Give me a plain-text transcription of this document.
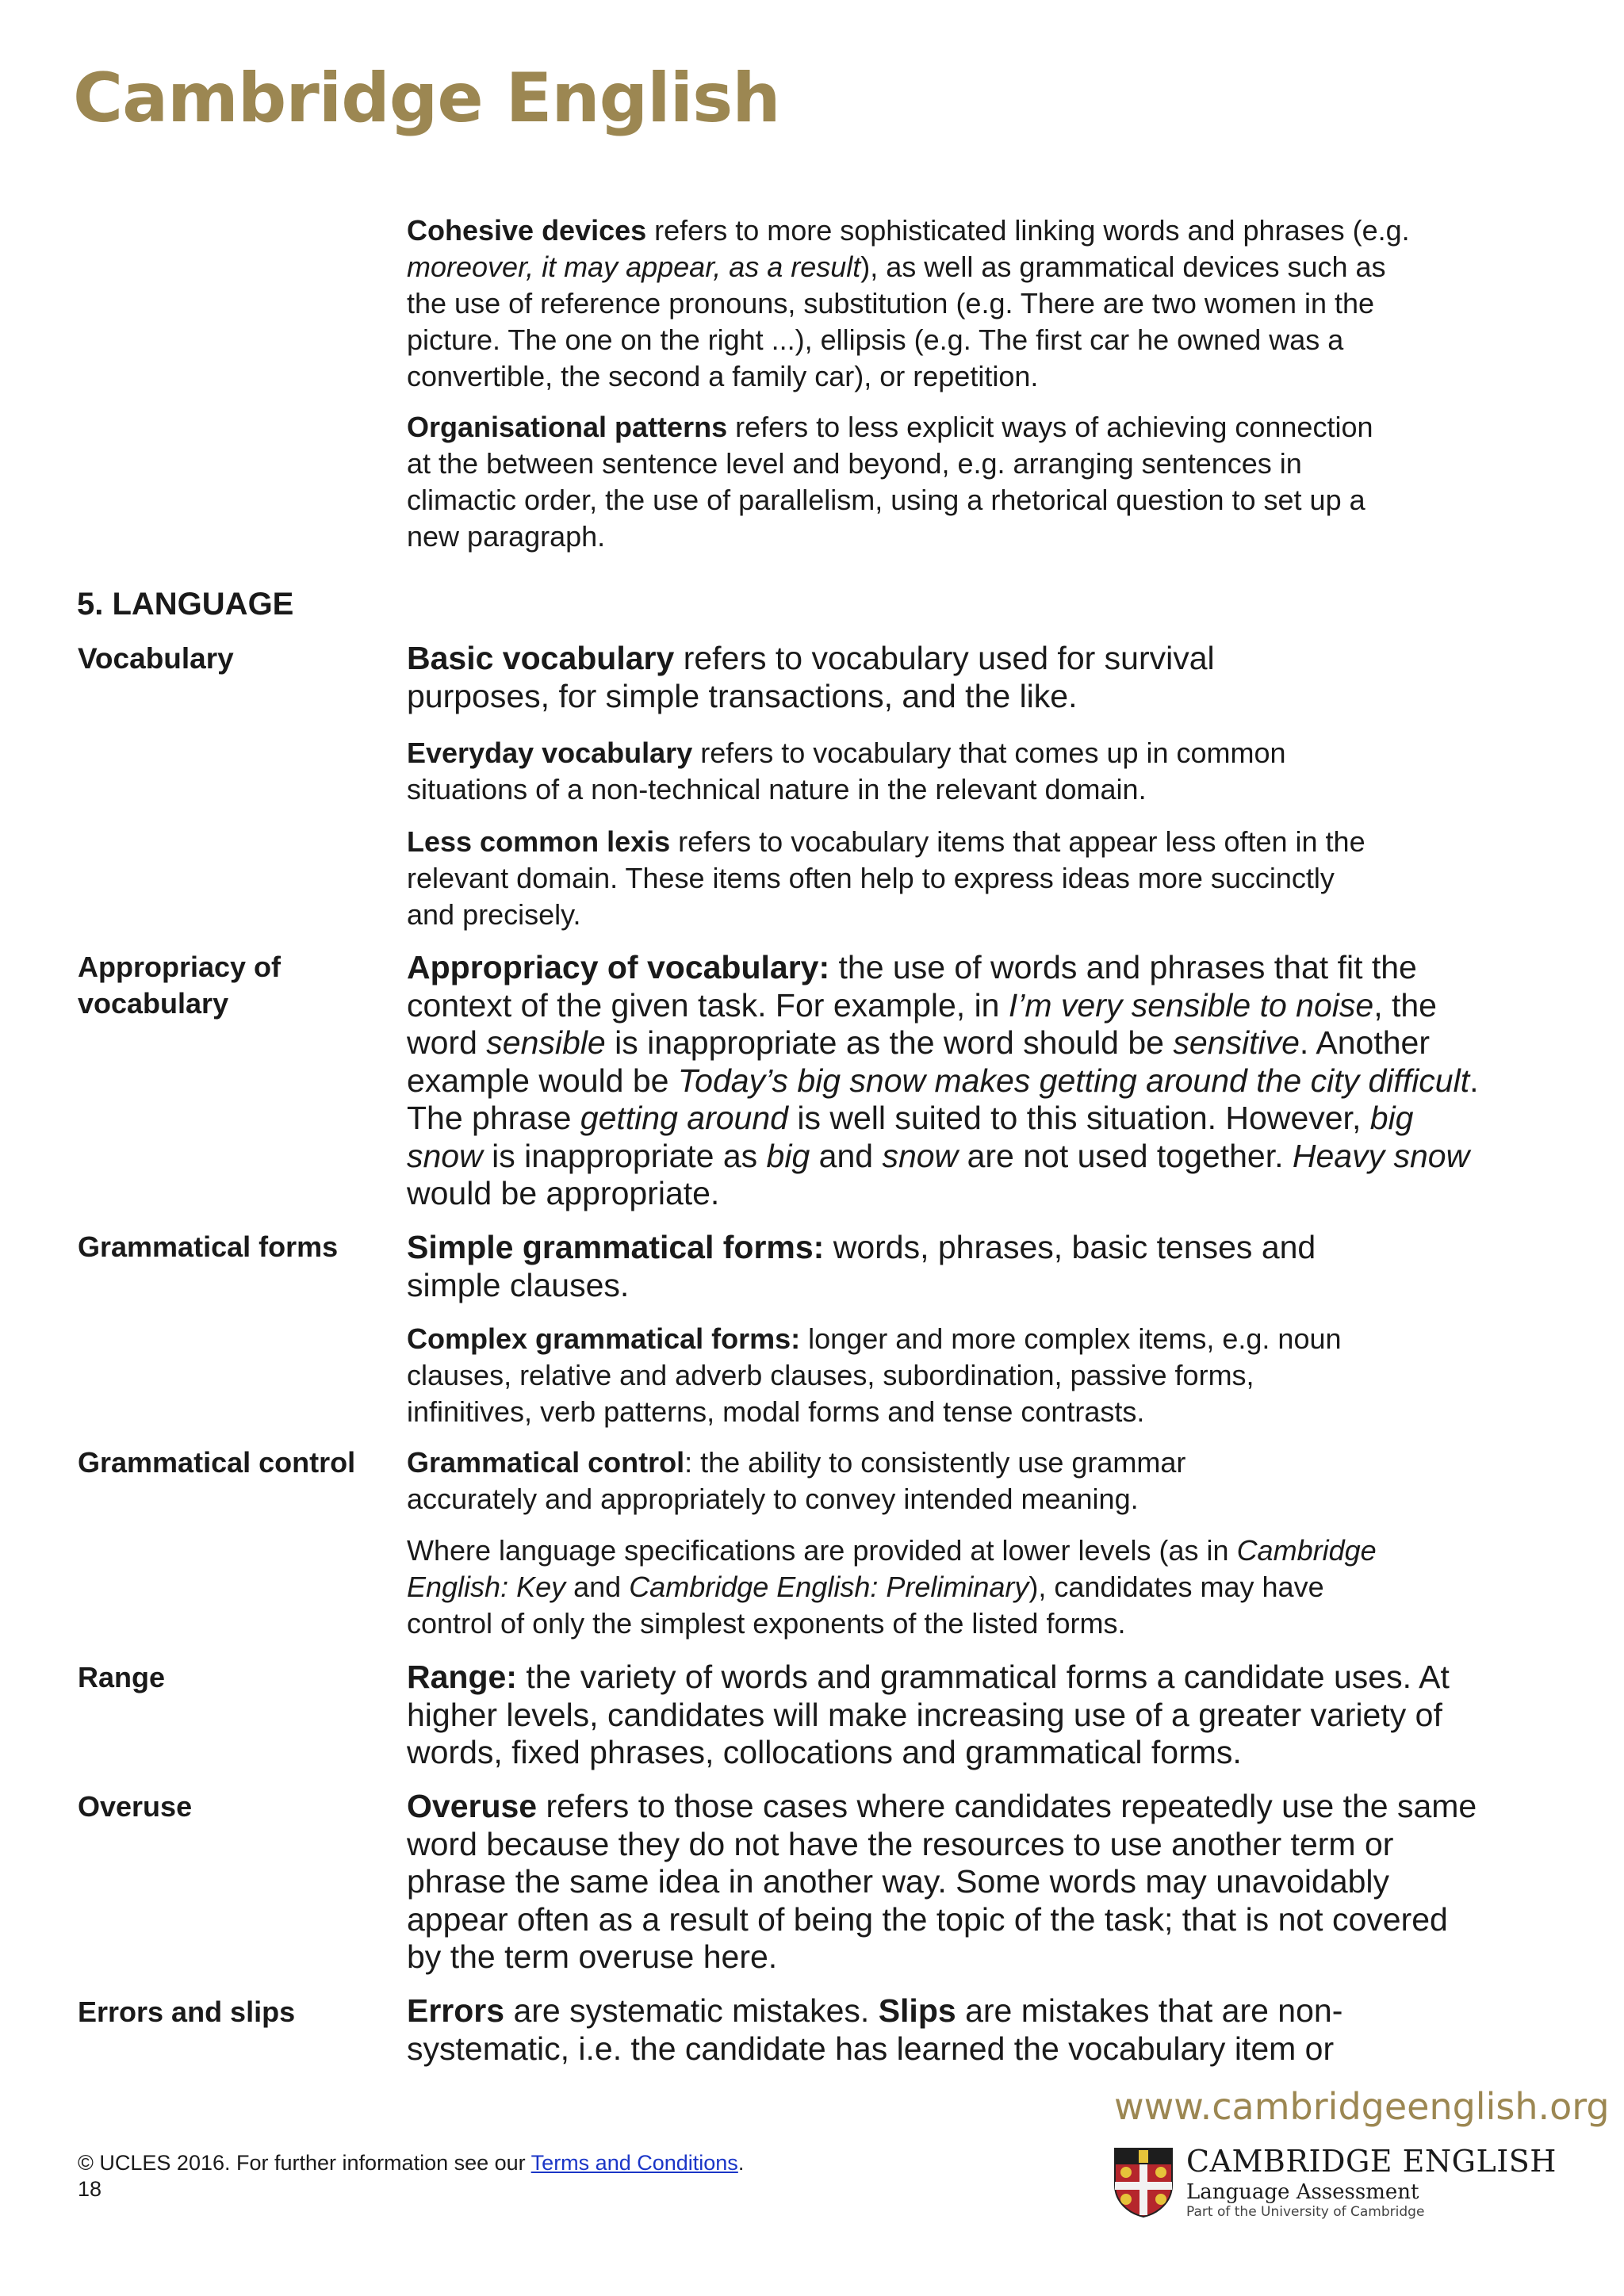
Cambridge English
Cohesive devices refers to more sophisticated linking words and phrases (e.g.
moreover, it may appear, as a result), as well as grammatical devices such as
the use of reference pronouns, substitution (e.g. There are two women in the
picture. The one on the right ...), ellipsis (e.g. The first car he owned was a
convertible, the second a family car), or repetition.
Organisational patterns refers to less explicit ways of achieving connection
at the between sentence level and beyond, e.g. arranging sentences in
climactic order, the use of parallelism, using a rhetorical question to set up a
new paragraph.
5. LANGUAGE

Vocabulary

Appropriacy of
vocabulary

Grammatical forms

Grammatical control

Range

Overuse

Errors and slips

Basic vocabulary refers to vocabulary used for survival
purposes, for simple transactions, and the like.
Everyday vocabulary refers to vocabulary that comes up in common
situations of a non-technical nature in the relevant domain.
Less common lexis refers to vocabulary items that appear less often in the
relevant domain. These items often help to express ideas more succinctly
and precisely.
Appropriacy of vocabulary: the use of words and phrases that fit the
context of the given task. For example, in I’m very sensible to noise, the
word sensible is inappropriate as the word should be sensitive. Another
example would be Today’s big snow makes getting around the city difficult.
The phrase getting around is well suited to this situation. However, big
snow is inappropriate as big and snow are not used together. Heavy snow
would be appropriate.
Simple grammatical forms: words, phrases, basic tenses and
simple clauses.
Complex grammatical forms: longer and more complex items, e.g. noun
clauses, relative and adverb clauses, subordination, passive forms,
infinitives, verb patterns, modal forms and tense contrasts.
Grammatical control: the ability to consistently use grammar
accurately and appropriately to convey intended meaning.
Where language specifications are provided at lower levels (as in Cambridge
English: Key and Cambridge English: Preliminary), candidates may have
control of only the simplest exponents of the listed forms.
Range: the variety of words and grammatical forms a candidate uses. At
higher levels, candidates will make increasing use of a greater variety of
words, fixed phrases, collocations and grammatical forms.
Overuse refers to those cases where candidates repeatedly use the same
word because they do not have the resources to use another term or
phrase the same idea in another way. Some words may unavoidably
appear often as a result of being the topic of the task; that is not covered
by the term overuse here.
Errors are systematic mistakes. Slips are mistakes that are non-
systematic, i.e. the candidate has learned the vocabulary item or

www.cambridgeenglish.org

© UCLES 2016. For further information see our Terms and Conditions.
18

CAMBRIDGE ENGLISH

Language Assessment

Part of the University of Cambridge
